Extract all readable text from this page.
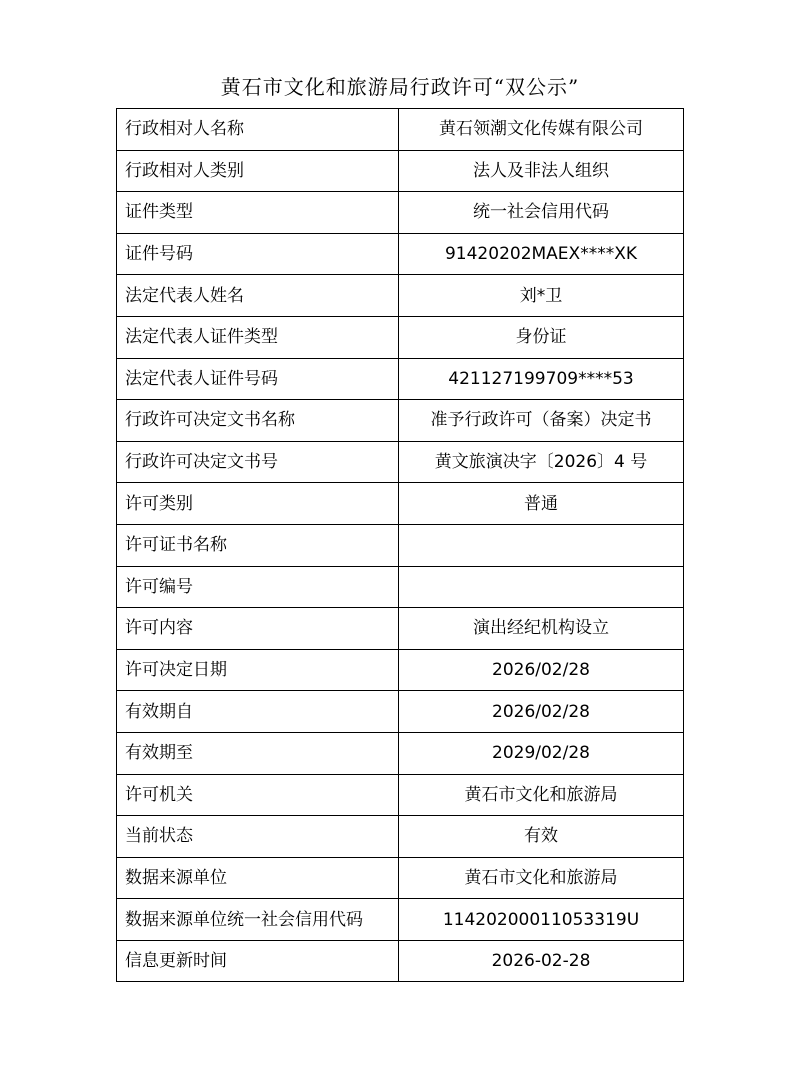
黄石市文化和旅游局行政许可“双公示”
行政相对人名称	黄石领潮文化传媒有限公司
行政相对人类别	法人及非法人组织
证件类型	统一社会信用代码
证件号码	91420202MAEX****XK
法定代表人姓名	刘*卫
法定代表人证件类型	身份证
法定代表人证件号码	421127199709****53
行政许可决定文书名称	准予行政许可（备案）决定书
行政许可决定文书号	黄文旅演决字〔2026〕4 号
许可类别	普通
许可证书名称	
许可编号	
许可内容	演出经纪机构设立
许可决定日期	2026/02/28
有效期自	2026/02/28
有效期至	2029/02/28
许可机关	黄石市文化和旅游局
当前状态	有效
数据来源单位	黄石市文化和旅游局
数据来源单位统一社会信用代码	11420200011053319U
信息更新时间	2026-02-28
